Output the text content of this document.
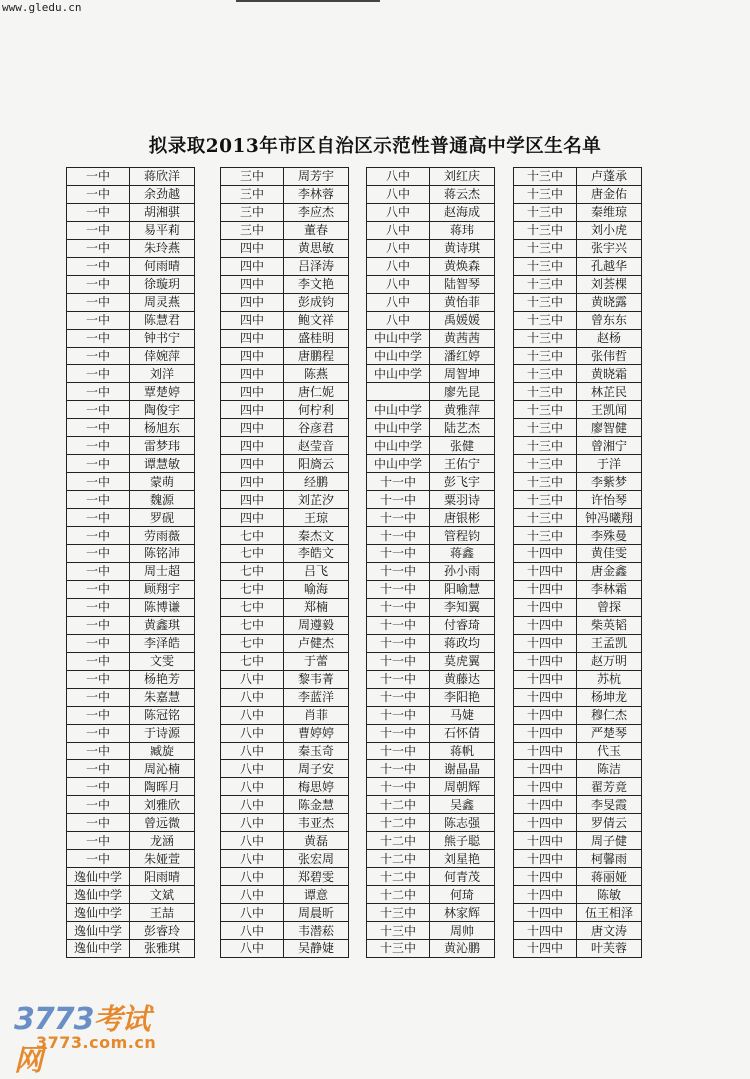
www.gledu.cn
拟录取2013年市区自治区示范性普通高中学区生名单
一中	蒋欣洋
一中	余劲越
一中	胡湘骐
一中	易平莉
一中	朱玲燕
一中	何雨晴
一中	徐璇玥
一中	周灵燕
一中	陈慧君
一中	钟书宁
一中	倖婉萍
一中	刘洋
一中	覃楚婷
一中	陶俊宇
一中	杨旭东
一中	雷梦玮
一中	谭慧敏
一中	蒙萌
一中	魏源
一中	罗砚
一中	劳雨薇
一中	陈铭沛
一中	周士超
一中	顾翔宇
一中	陈博谦
一中	黄鑫琪
一中	李泽皓
一中	文雯
一中	杨艳芳
一中	朱嘉慧
一中	陈冠铭
一中	于诗源
一中	臧旋
一中	周沁楠
一中	陶晖月
一中	刘雅欣
一中	曾远微
一中	龙涵
一中	朱娅萱
逸仙中学	阳雨晴
逸仙中学	文斌
逸仙中学	王喆
逸仙中学	彭睿玲
逸仙中学	张雅琪
三中	周芳宇
三中	李林蓉
三中	李应杰
三中	董春
四中	黄思敏
四中	吕泽涛
四中	李文艳
四中	彭成钧
四中	鲍文祥
四中	盛桂明
四中	唐鹏程
四中	陈燕
四中	唐仁妮
四中	何柠利
四中	谷彦君
四中	赵莹音
四中	阳旖云
四中	经鹏
四中	刘芷汐
四中	王琼
七中	秦杰文
七中	李皓文
七中	吕飞
七中	喻海
七中	郑楠
七中	周遵毅
七中	卢健杰
七中	于蕾
八中	黎韦菁
八中	李蓝洋
八中	肖菲
八中	曹婷婷
八中	秦玉奇
八中	周子安
八中	梅思婷
八中	陈金慧
八中	韦亚杰
八中	黄磊
八中	张宏周
八中	郑碧雯
八中	谭意
八中	周晨昕
八中	韦潜菘
八中	吴静婕
八中	刘红庆
八中	蒋云杰
八中	赵海成
八中	蒋玮
八中	黄诗琪
八中	黄焕森
八中	陆智琴
八中	黄怡菲
八中	禹媛媛
中山中学	黄茜茜
中山中学	潘红婷
中山中学	周智坤
	廖先昆
中山中学	黄雅萍
中山中学	陆艺杰
中山中学	张健
中山中学	王佑宁
十一中	彭飞宇
十一中	粟羽诗
十一中	唐银彬
十一中	管程钧
十一中	蒋鑫
十一中	孙小雨
十一中	阳喻慧
十一中	李知翼
十一中	付睿琦
十一中	蒋政均
十一中	莫虎翼
十一中	黄藤达
十一中	李阳艳
十一中	马婕
十一中	石怀倩
十一中	蒋帆
十一中	谢晶晶
十一中	周朝辉
十二中	吴鑫
十二中	陈志强
十二中	熊子聪
十二中	刘星艳
十二中	何青茂
十二中	何琦
十三中	林家辉
十三中	周帅
十三中	黄沁鹏
十三中	卢蓬承
十三中	唐金佑
十三中	秦维琼
十三中	刘小虎
十三中	张宇兴
十三中	孔越华
十三中	刘荟棵
十三中	黄晓露
十三中	曾东东
十三中	赵杨
十三中	张伟哲
十三中	黄晓霜
十三中	林芷民
十三中	王凯闻
十三中	廖智健
十三中	曾湘宁
十三中	于洋
十三中	李紫梦
十三中	许怡琴
十三中	钟冯曦翔
十三中	李殊曼
十四中	黄佳雯
十四中	唐金鑫
十四中	李林霜
十四中	曾探
十四中	柴英韬
十四中	王孟凯
十四中	赵万明
十四中	苏杭
十四中	杨坤龙
十四中	穆仁杰
十四中	严楚琴
十四中	代玉
十四中	陈洁
十四中	翟芳竟
十四中	李旻霞
十四中	罗倩云
十四中	周子健
十四中	柯馨雨
十四中	蒋丽娅
十四中	陈敏
十四中	伍王相泽
十四中	唐文涛
十四中	叶芙蓉
3773考试网
3773.com.cn
